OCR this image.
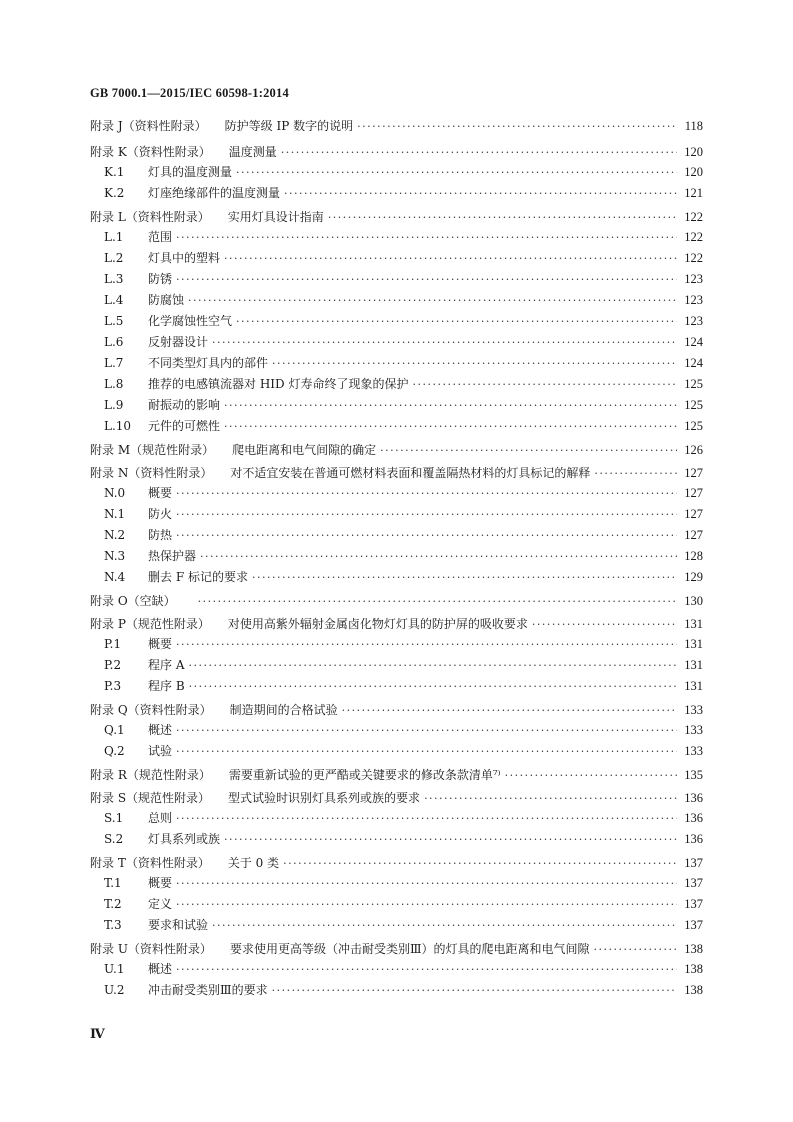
GB 7000.1—2015/IEC 60598-1:2014
附录 J（资料性附录）	防护等级 IP 数字的说明 ·····	118
附录 K（资料性附录）	温度测量 ·····	120
K.1	灯具的温度测量 ·····	120
K.2	灯座绝缘部件的温度测量 ·····	121
附录 L（资料性附录）	实用灯具设计指南 ·····	122
L.1	范围 ·····	122
L.2	灯具中的塑料 ·····	122
L.3	防锈 ·····	123
L.4	防腐蚀 ·····	123
L.5	化学腐蚀性空气 ·····	123
L.6	反射器设计 ·····	124
L.7	不同类型灯具内的部件 ·····	124
L.8	推荐的电感镇流器对 HID 灯寿命终了现象的保护 ·····	125
L.9	耐振动的影响 ·····	125
L.10	元件的可燃性 ·····	125
附录 M（规范性附录）	爬电距离和电气间隙的确定 ·····	126
附录 N（资料性附录）	对不适宜安装在普通可燃材料表面和覆盖隔热材料的灯具标记的解释 ·····	127
N.0	概要 ·····	127
N.1	防火 ·····	127
N.2	防热 ·····	127
N.3	热保护器 ·····	128
N.4	删去 F 标记的要求 ·····	129
附录 O（空缺） ·····	130
附录 P（规范性附录）	对使用高紫外辐射金属卤化物灯灯具的防护屏的吸收要求 ·····	131
P.1	概要 ·····	131
P.2	程序 A ·····	131
P.3	程序 B ·····	131
附录 Q（资料性附录）	制造期间的合格试验 ·····	133
Q.1	概述 ·····	133
Q.2	试验 ·····	133
附录 R（规范性附录）	需要重新试验的更严酷或关键要求的修改条款清单⁷⁾ ·····	135
附录 S（规范性附录）	型式试验时识别灯具系列或族的要求 ·····	136
S.1	总则 ·····	136
S.2	灯具系列或族 ·····	136
附录 T（资料性附录）	关于 0 类 ·····	137
T.1	概要 ·····	137
T.2	定义 ·····	137
T.3	要求和试验 ·····	137
附录 U（资料性附录）	要求使用更高等级（冲击耐受类别Ⅲ）的灯具的爬电距离和电气间隙 ·····	138
U.1	概述 ·····	138
U.2	冲击耐受类别Ⅲ的要求 ·····	138
Ⅳ
